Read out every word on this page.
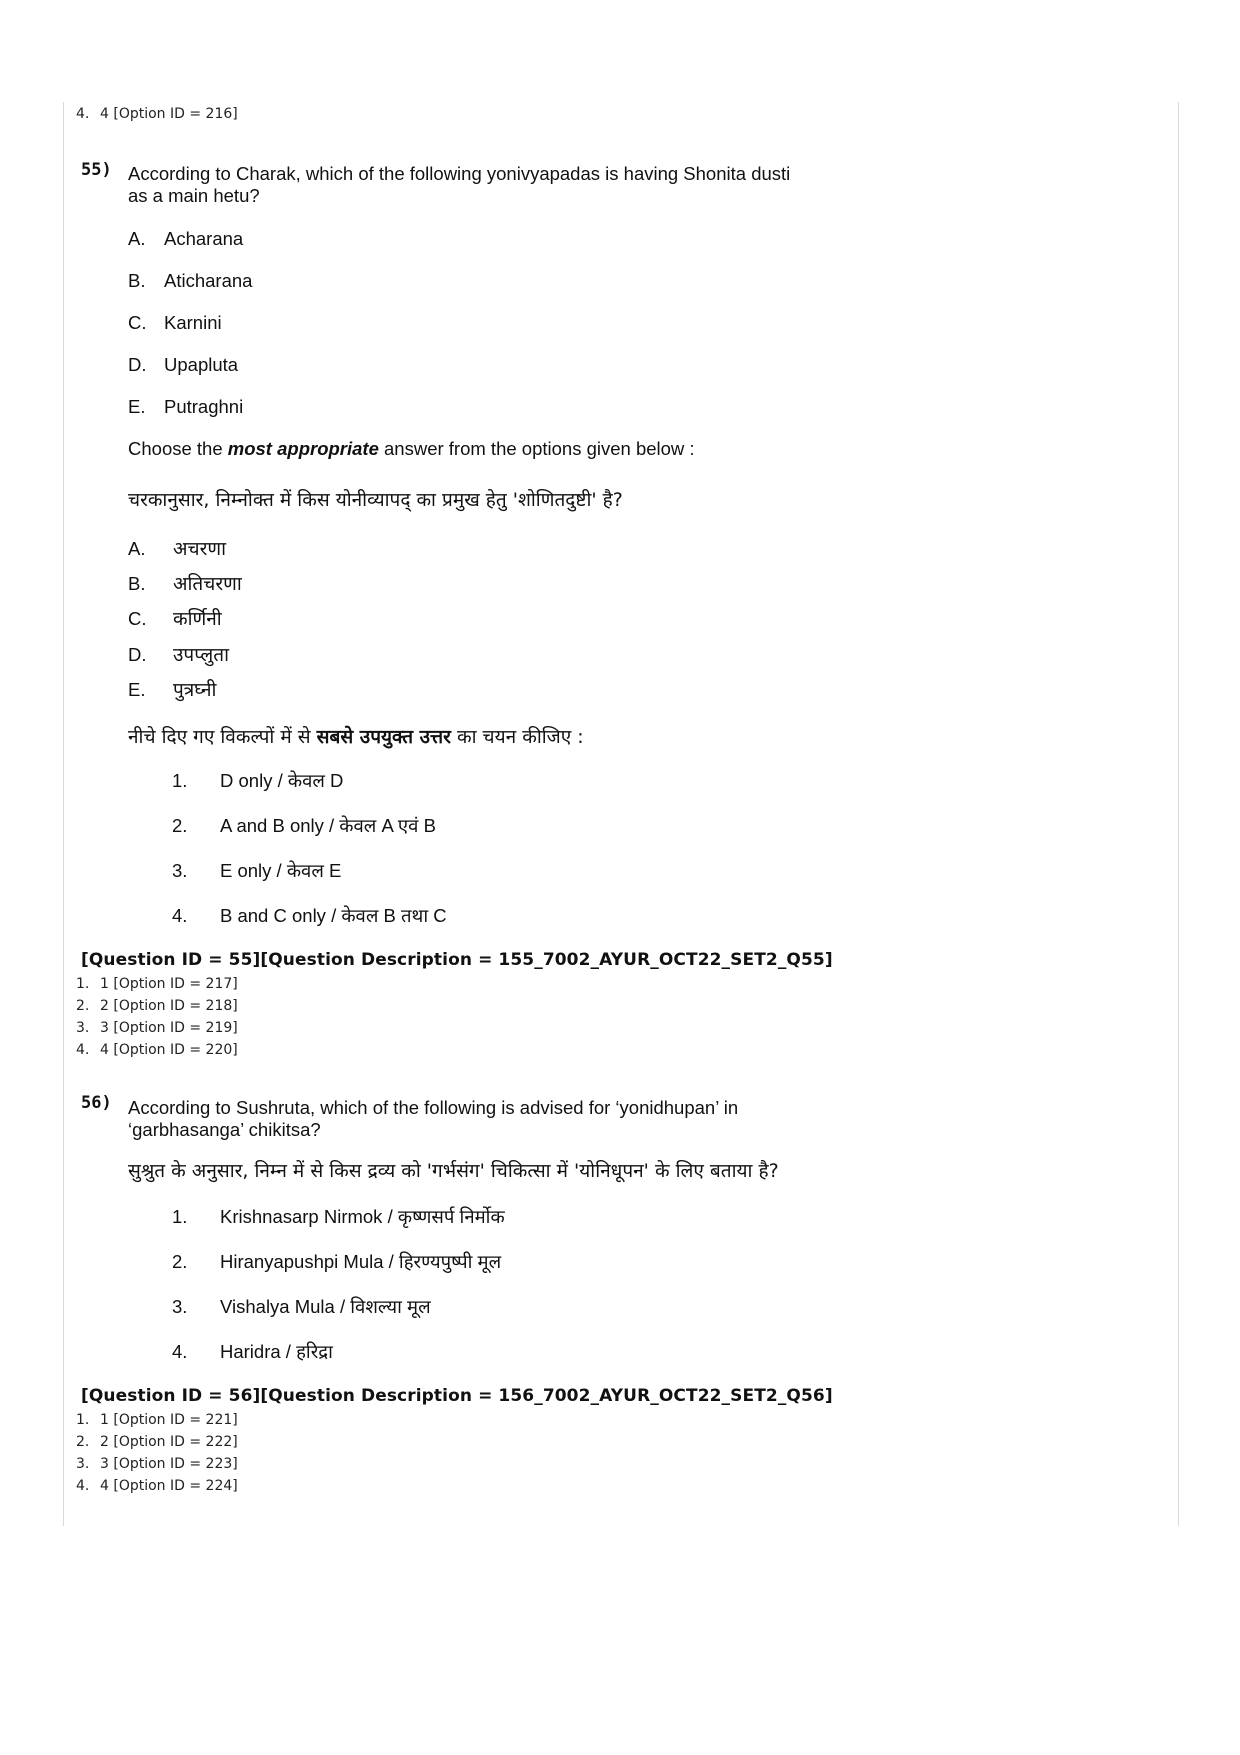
4. 4 [Option ID = 216]
55) According to Charak, which of the following yonivyapadas is having Shonita dusti
as a main hetu?
A. Acharana
B. Aticharana
C. Karnini
D. Upapluta
E. Putraghni
Choose the most appropriate answer from the options given below :
चरकानुसार, निम्नोक्त में किस योनीव्यापद् का प्रमुख हेतु 'शोणितदुष्टी' है?
A. अचरणा
B. अतिचरणा
C. कर्णिनी
D. उपप्लुता
E. पुत्रघ्नी
नीचे दिए गए विकल्पों में से सबसे उपयुक्त उत्तर का चयन कीजिए :
1. D only / केवल D
2. A and B only / केवल A एवं B
3. E only / केवल E
4. B and C only / केवल B तथा C
[Question ID = 55][Question Description = 155_7002_AYUR_OCT22_SET2_Q55]
1. 1 [Option ID = 217]
2. 2 [Option ID = 218]
3. 3 [Option ID = 219]
4. 4 [Option ID = 220]
56) According to Sushruta, which of the following is advised for ‘yonidhupan’ in
‘garbhasanga’ chikitsa?
सुश्रुत के अनुसार, निम्न में से किस द्रव्य को 'गर्भसंग' चिकित्सा में 'योनिधूपन' के लिए बताया है?
1. Krishnasarp Nirmok / कृष्णसर्प निर्मोक
2. Hiranyapushpi Mula / हिरण्यपुष्पी मूल
3. Vishalya Mula / विशल्या मूल
4. Haridra / हरिद्रा
[Question ID = 56][Question Description = 156_7002_AYUR_OCT22_SET2_Q56]
1. 1 [Option ID = 221]
2. 2 [Option ID = 222]
3. 3 [Option ID = 223]
4. 4 [Option ID = 224]
